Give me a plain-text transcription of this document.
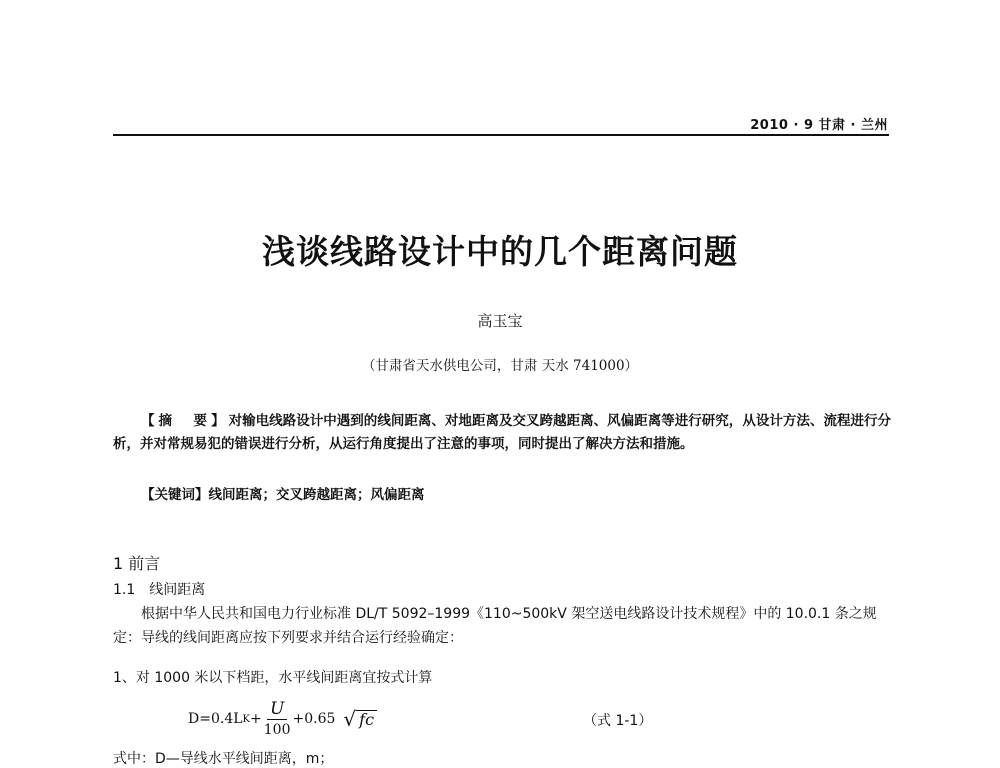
2010 · 9 甘肃 · 兰州
浅谈线路设计中的几个距离问题
高玉宝
（甘肃省天水供电公司，甘肃 天水 741000）
【摘　要】对输电线路设计中遇到的线间距离、对地距离及交叉跨越距离、风偏距离等进行研究，从设计方法、流程进行分析，并对常规易犯的错误进行分析，从运行角度提出了注意的事项，同时提出了解决方法和措施。
【关键词】线间距离；交叉跨越距离；风偏距离
1 前言
1.1　线间距离
根据中华人民共和国电力行业标准 DL/T 5092–1999《110~500kV 架空送电线路设计技术规程》中的 10.0.1 条之规定：导线的线间距离应按下列要求并结合运行经验确定：
1、对 1000 米以下档距，水平线间距离宜按式计算
D=0.4L $K + \frac{U}{100} +0.65$ √ fc	（式 1-1）
式中：D—导线水平线间距离，m；
